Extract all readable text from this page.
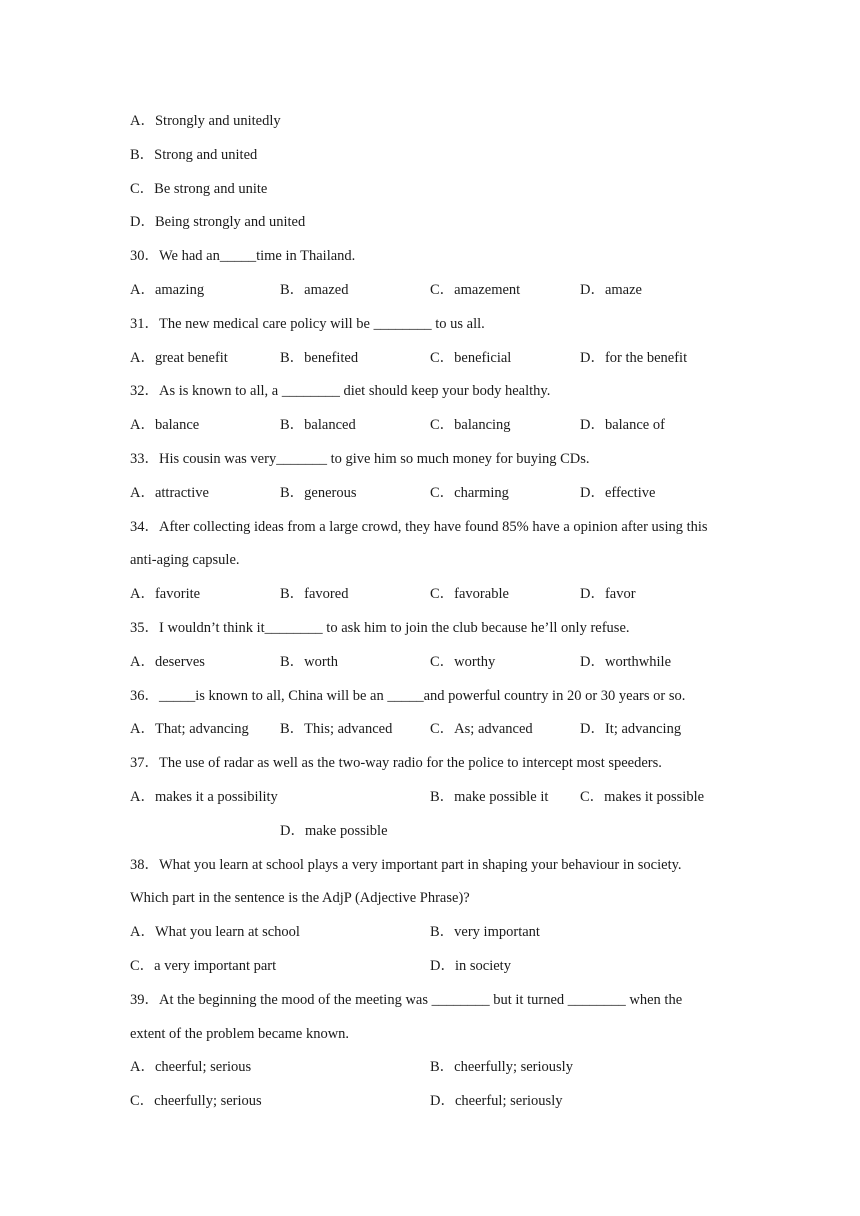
A．Strongly and unitedly
B．Strong and united
C．Be strong and unite
D．Being strongly and united
30．We had an_____time in Thailand.
A．amazing	B．amazed	C．amazement	D．amaze
31．The new medical care policy will be ________ to us all.
A．great benefit	B．benefited	C．beneficial	D．for the benefit
32．As is known to all, a ________ diet should keep your body healthy.
A．balance	B．balanced	C．balancing	D．balance of
33．His cousin was very_______ to give him so much money for buying CDs.
A．attractive	B．generous	C．charming	D．effective
34．After collecting ideas from a large crowd, they have found 85% have a opinion after using this
anti-aging capsule.
A．favorite	B．favored	C．favorable	D．favor
35．I wouldn’t think it________ to ask him to join the club because he’ll only refuse.
A．deserves	B．worth	C．worthy	D．worthwhile
36．_____is known to all, China will be an _____and powerful country in 20 or 30 years or so.
A．That; advancing B．This; advanced	C．As; advanced	D．It; advancing
37．The use of radar as well as the two-way radio for the police to intercept most speeders.
A．makes it a possibility	B．make possible it C．makes it possible
D．make possible
38．What you learn at school plays a very important part in shaping your behaviour in society.
Which part in the sentence is the AdjP (Adjective Phrase)?
A．What you learn at school	B．very important
C．a very important part	D．in society
39．At the beginning the mood of the meeting was ________ but it turned ________ when the
extent of the problem became known.
A．cheerful; serious	B．cheerfully; seriously
C．cheerfully; serious	D．cheerful; seriously
